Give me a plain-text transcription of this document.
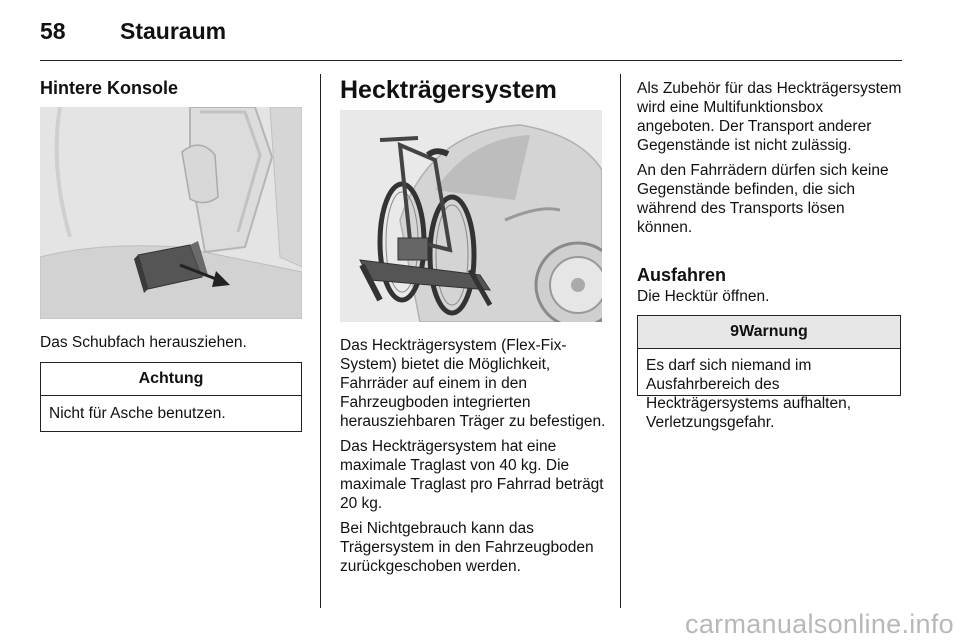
58 Stauraum
Hintere Konsole

Das Schubfach herausziehen.

Achtung
Nicht für Asche benutzen.
Heckträgersystem

Das Heckträgersystem (Flex-Fix-System) bietet die Möglichkeit, Fahrräder auf einem in den Fahrzeugboden integrierten herausziehbaren Träger zu befestigen.

Das Heckträgersystem hat eine maximale Traglast von 40 kg. Die maximale Traglast pro Fahrrad beträgt 20 kg.

Bei Nichtgebrauch kann das Trägersystem in den Fahrzeugboden zurückgeschoben werden.

Als Zubehör für das Heckträgersystem wird eine Multifunktionsbox angeboten. Der Transport anderer Gegenstände ist nicht zulässig.

An den Fahrrädern dürfen sich keine Gegenstände befinden, die sich während des Transports lösen können.

Ausfahren

Die Hecktür öffnen.

9Warnung
Es darf sich niemand im Ausfahrbereich des Heckträgersystems aufhalten, Verletzungsgefahr.
carmanualsonline.info
